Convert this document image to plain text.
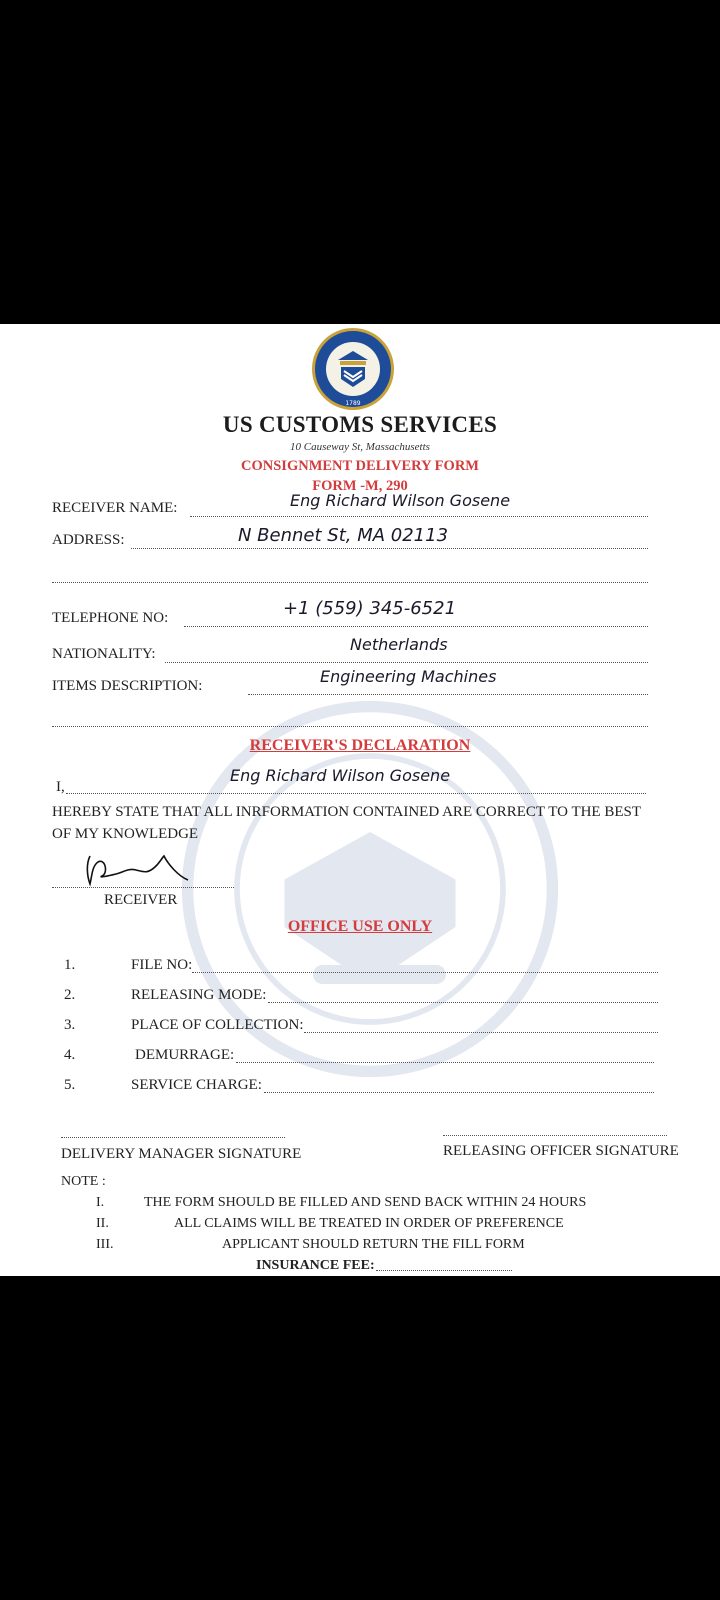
1789
US CUSTOMS SERVICES
10 Causeway St, Massachusetts
CONSIGNMENT DELIVERY FORM
FORM -M, 290
RECEIVER NAME:	Eng Richard Wilson Gosene
ADDRESS:	N Bennet St, MA 02113
TELEPHONE NO:	+1 (559) 345-6521
NATIONALITY:	Netherlands
ITEMS DESCRIPTION:	Engineering Machines
RECEIVER'S DECLARATION
I,
Eng Richard Wilson Gosene
HEREBY STATE THAT ALL INRFORMATION CONTAINED ARE CORRECT TO THE BEST
OF MY KNOWLEDGE
RECEIVER
OFFICE USE ONLY
1.	FILE NO:
2.	RELEASING MODE:
3.	PLACE OF COLLECTION:
4.	DEMURRAGE:
5.	SERVICE CHARGE:
DELIVERY MANAGER SIGNATURE	RELEASING OFFICER SIGNATURE
NOTE :
I.	THE FORM SHOULD BE FILLED AND SEND BACK WITHIN 24 HOURS
II.	ALL CLAIMS WILL BE TREATED IN ORDER OF PREFERENCE
III.	APPLICANT SHOULD RETURN THE FILL FORM
INSURANCE FEE:
